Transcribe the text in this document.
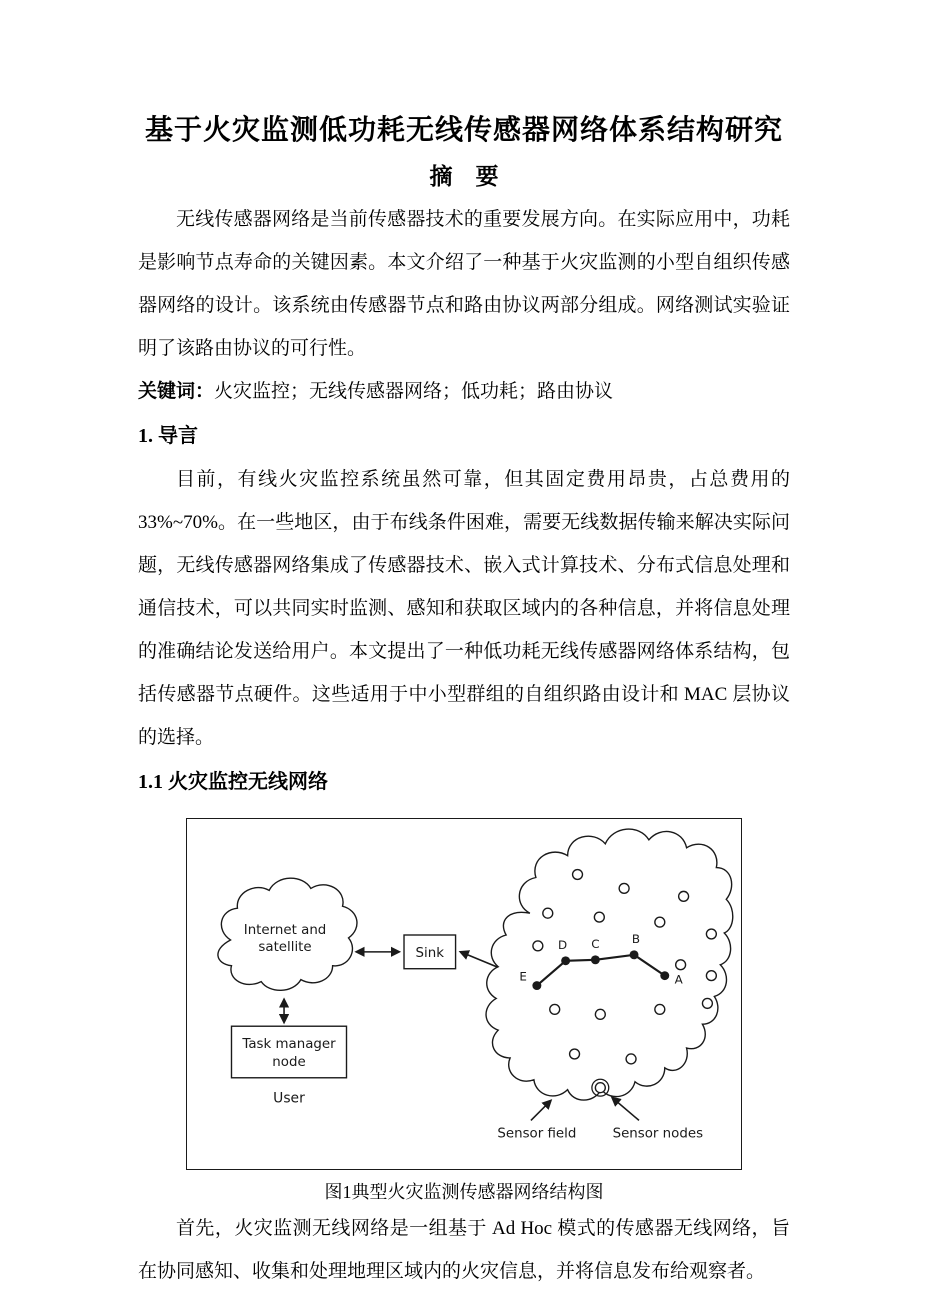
基于火灾监测低功耗无线传感器网络体系结构研究
摘　要

无线传感器网络是当前传感器技术的重要发展方向。在实际应用中，功耗是影响节点寿命的关键因素。本文介绍了一种基于火灾监测的小型自组织传感器网络的设计。该系统由传感器节点和路由协议两部分组成。网络测试实验证明了该路由协议的可行性。

关键词：火灾监控；无线传感器网络；低功耗；路由协议

1. 导言

目前，有线火灾监控系统虽然可靠，但其固定费用昂贵，占总费用的33%~70%。在一些地区，由于布线条件困难，需要无线数据传输来解决实际问题，无线传感器网络集成了传感器技术、嵌入式计算技术、分布式信息处理和通信技术，可以共同实时监测、感知和获取区域内的各种信息，并将信息处理的准确结论发送给用户。本文提出了一种低功耗无线传感器网络体系结构，包括传感器节点硬件。这些适用于中小型群组的自组织路由设计和 MAC 层协议的选择。

1.1 火灾监控无线网络
Internet and
satellite
Task manager
node
User
Sink
E
D C	B
A
Sensor field	Sensor nodes
图1典型火灾监测传感器网络结构图

首先，火灾监测无线网络是一组基于 Ad Hoc 模式的传感器无线网络，旨在协同感知、收集和处理地理区域内的火灾信息，并将信息发布给观察者。
